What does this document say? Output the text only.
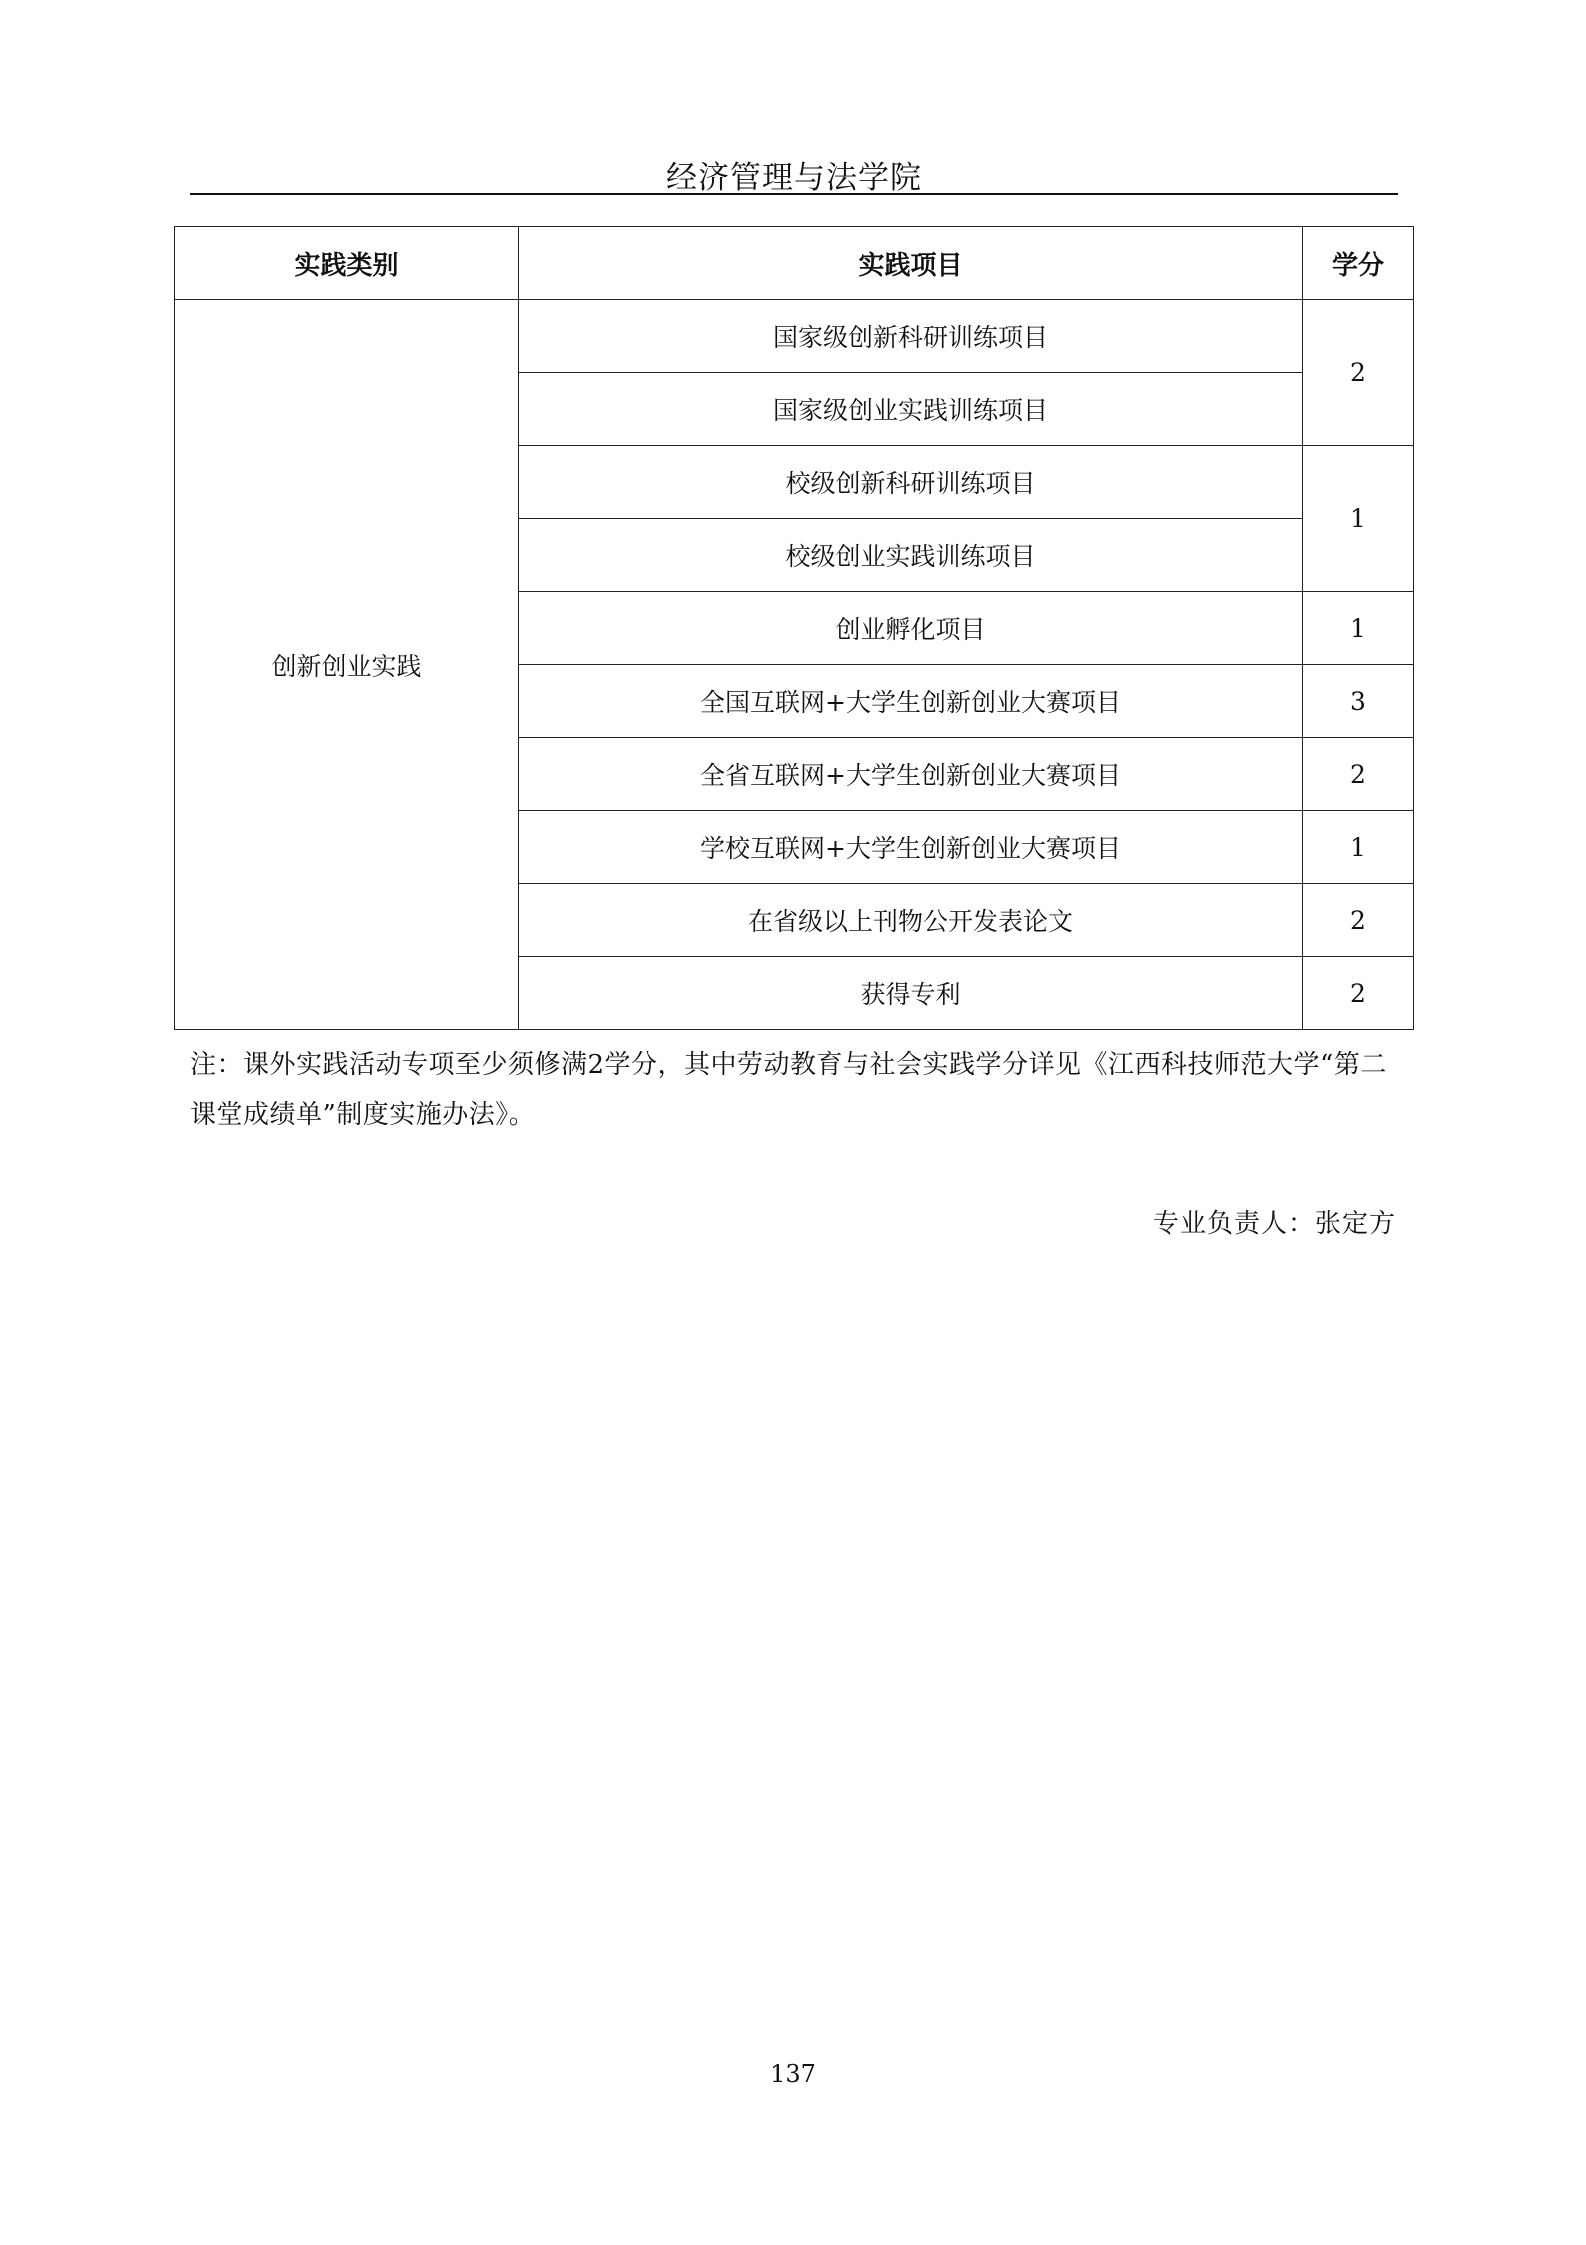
经济管理与法学院
实践类别	实践项目	学分
创新创业实践	国家级创新科研训练项目	2
	国家级创业实践训练项目	
	校级创新科研训练项目	1
	校级创业实践训练项目	
	创业孵化项目	1
	全国互联网+大学生创新创业大赛项目	3
	全省互联网+大学生创新创业大赛项目	2
	学校互联网+大学生创新创业大赛项目	1
	在省级以上刊物公开发表论文	2
	获得专利	2
注：课外实践活动专项至少须修满2学分，其中劳动教育与社会实践学分详见《江西科技师范大学“第二课堂成绩单”制度实施办法》。
专业负责人：张定方
137
